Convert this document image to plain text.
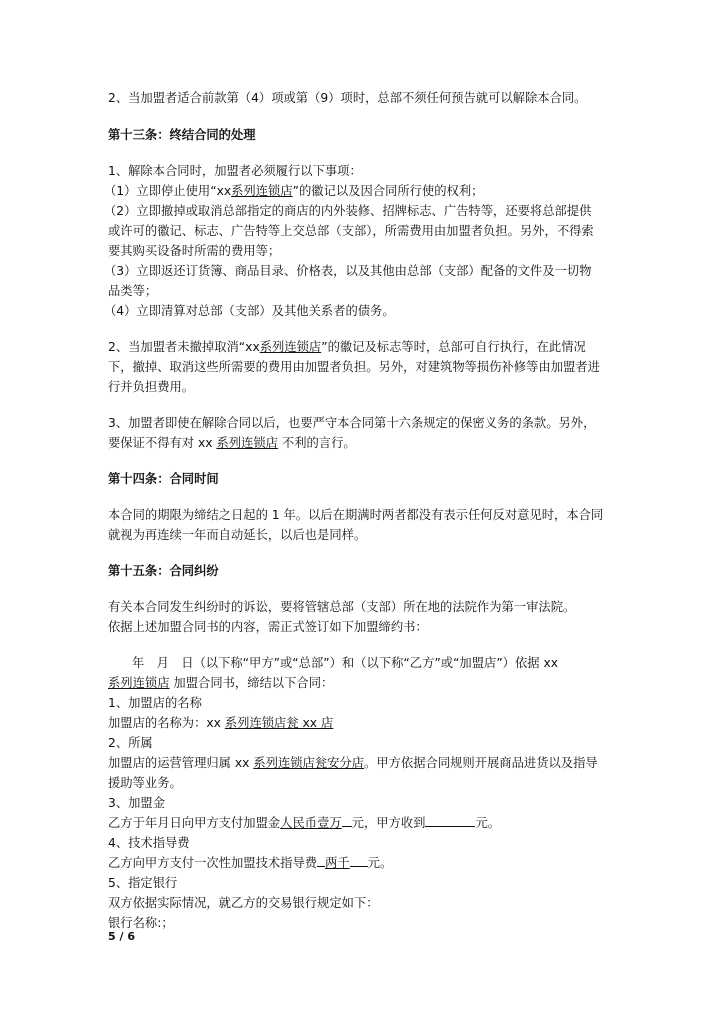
2、当加盟者适合前款第（4）项或第（9）项时，总部不须任何预告就可以解除本合同。
第十三条：终结合同的处理
1、解除本合同时，加盟者必须履行以下事项：
（1）立即停止使用“xx系列连锁店”的徽记以及因合同所行使的权利；
（2）立即撤掉或取消总部指定的商店的内外装修、招牌标志、广告特等，还要将总部提供
或许可的徽记、标志、广告特等上交总部（支部），所需费用由加盟者负担。另外，不得索
要其购买设备时所需的费用等；
（3）立即返还订货簿、商品目录、价格表，以及其他由总部（支部）配备的文件及一切物
品类等；
（4）立即清算对总部（支部）及其他关系者的债务。
2、当加盟者未撤掉取消“xx系列连锁店”的徽记及标志等时，总部可自行执行，在此情况
下，撤掉、取消这些所需要的费用由加盟者负担。另外，对建筑物等损伤补修等由加盟者进
行并负担费用。
3、加盟者即使在解除合同以后，也要严守本合同第十六条规定的保密义务的条款。另外，
要保证不得有对 xx 系列连锁店 不利的言行。
第十四条：合同时间
本合同的期限为缔结之日起的 1 年。以后在期满时两者都没有表示任何反对意见时，本合同
就视为再连续一年而自动延长，以后也是同样。
第十五条：合同纠纷
有关本合同发生纠纷时的诉讼，要将管辖总部（支部）所在地的法院作为第一审法院。
依据上述加盟合同书的内容，需正式签订如下加盟缔约书：
年　月　日（以下称“甲方”或“总部”）和（以下称“乙方”或“加盟店”）依据 xx
系列连锁店 加盟合同书，缔结以下合同：
1、加盟店的名称
加盟店的名称为：xx 系列连锁店瓮 xx 店
2、所属
加盟店的运营管理归属 xx 系列连锁店瓮安分店。甲方依据合同规则开展商品进货以及指导
援助等业务。
3、加盟金
乙方于年月日向甲方支付加盟金人民币壹万 元，甲方收到	元。
4、技术指导费
乙方向甲方支付一次性加盟技术指导费 两千 元。
5、指定银行
双方依据实际情况，就乙方的交易银行规定如下：
银行名称:；
5 / 6
